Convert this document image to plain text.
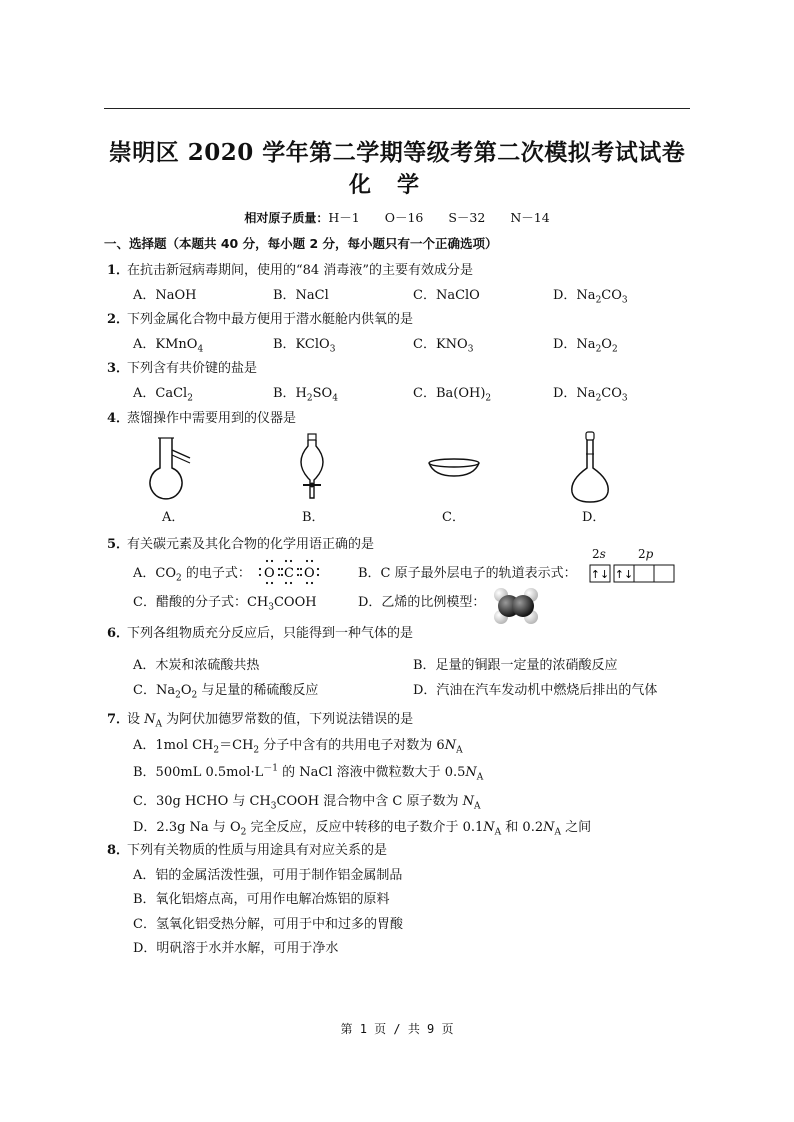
崇明区 2020 学年第二学期等级考第二次模拟考试试卷
化学
相对原子质量：H－1　　O－16　　S－32　　N－14
一、选择题（本题共 40 分，每小题 2 分，每小题只有一个正确选项）
1．在抗击新冠病毒期间，使用的“84 消毒液”的主要有效成分是
A．NaOH	B．NaCl	C．NaClO	D．$Na_2CO_3$
2．下列金属化合物中最方便用于潜水艇舱内供氧的是
A．KMnO$_4$	B．KClO$_3$	C．$KNO_3$	D．$Na_2O_2$
3．下列含有共价键的盐是
A．CaCl$_2$	B．$H_2SO_4$	C．$Ba(OH)_2$	D．$Na_2CO_3$
4．蒸馏操作中需要用到的仪器是
A．	B．	C．	D．
5．有关碳元素及其化合物的化学用语正确的是
A．$CO_2$ 的电子式： O C O	B．C 原子最外层电子的轨道表示式：
2s	2p
↑↓ ↑↓
C．醋酸的分子式：$CH_3COOH$	D．乙烯的比例模型：
6．下列各组物质充分反应后，只能得到一种气体的是
A．木炭和浓硫酸共热	B．足量的铜跟一定量的浓硝酸反应
C．$Na_2O_2$ 与足量的稀硫酸反应	D．汽油在汽车发动机中燃烧后排出的气体
7．设 $N_A$ 为阿伏加德罗常数的值，下列说法错误的是
A．1mol $CH_2=CH_2$ 分子中含有的共用电子对数为 $6N_A$
B．500mL $0.5mol\cdot L^{-1}$ 的 NaCl 溶液中微粒数大于 $0.5N_A$
C．30g HCHO 与 $CH_3COOH$ 混合物中含 C 原子数为 $N_A$
D．2.3g Na 与 $O_2$ 完全反应，反应中转移的电子数介于 $0.1N_A$ 和 $0.2N_A$ 之间
8．下列有关物质的性质与用途具有对应关系的是
A．铝的金属活泼性强，可用于制作铝金属制品
B．氧化铝熔点高，可用作电解冶炼铝的原料
C．氢氧化铝受热分解，可用于中和过多的胃酸
D．明矾溶于水并水解，可用于净水
第 1 页 / 共 9 页
